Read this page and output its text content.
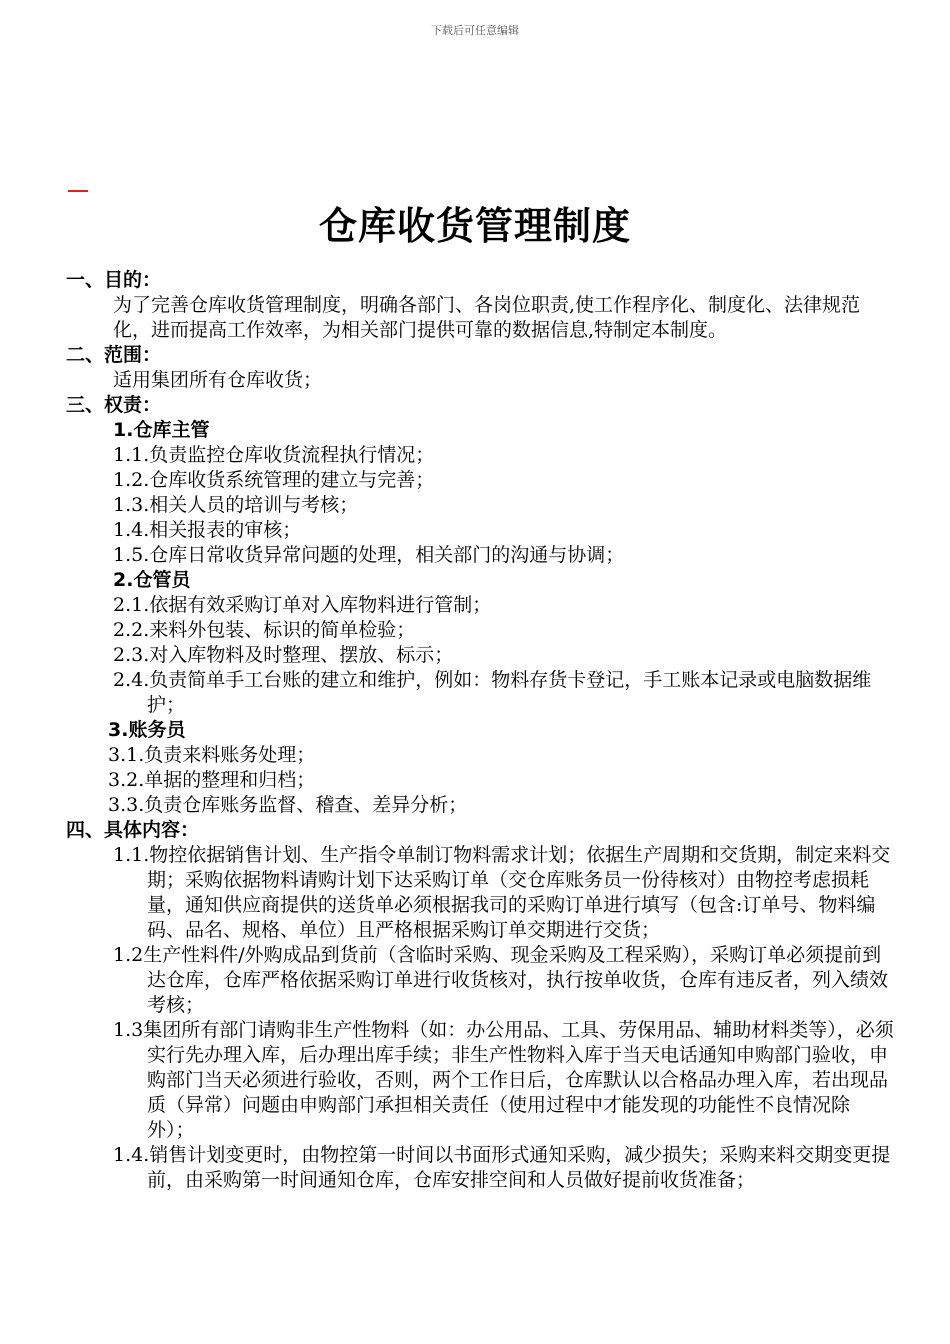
下载后可任意编辑
仓库收货管理制度
一、目的：
为了完善仓库收货管理制度，明确各部门、各岗位职责,使工作程序化、制度化、法律规范化，进而提高工作效率，为相关部门提供可靠的数据信息,特制定本制度。
二、范围：
适用集团所有仓库收货；
三、权责：
1.仓库主管
1.1.负责监控仓库收货流程执行情况；
1.2.仓库收货系统管理的建立与完善；
1.3.相关人员的培训与考核；
1.4.相关报表的审核；
1.5.仓库日常收货异常问题的处理，相关部门的沟通与协调；
2.仓管员
2.1.依据有效采购订单对入库物料进行管制；
2.2.来料外包装、标识的简单检验；
2.3.对入库物料及时整理、摆放、标示；
2.4.负责简单手工台账的建立和维护，例如：物料存货卡登记，手工账本记录或电脑数据维护；
3.账务员
3.1.负责来料账务处理；
3.2.单据的整理和归档；
3.3.负责仓库账务监督、稽查、差异分析；
四、具体内容：
1.1.物控依据销售计划、生产指令单制订物料需求计划；依据生产周期和交货期，制定来料交期；采购依据物料请购计划下达采购订单（交仓库账务员一份待核对）由物控考虑损耗量，通知供应商提供的送货单必须根据我司的采购订单进行填写（包含:订单号、物料编码、品名、规格、单位）且严格根据采购订单交期进行交货；
1.2生产性料件/外购成品到货前（含临时采购、现金采购及工程采购），采购订单必须提前到达仓库，仓库严格依据采购订单进行收货核对，执行按单收货，仓库有违反者，列入绩效考核；
1.3集团所有部门请购非生产性物料（如：办公用品、工具、劳保用品、辅助材料类等），必须实行先办理入库，后办理出库手续；非生产性物料入库于当天电话通知申购部门验收，申购部门当天必须进行验收，否则，两个工作日后，仓库默认以合格品办理入库，若出现品质（异常）问题由申购部门承担相关责任（使用过程中才能发现的功能性不良情况除外）；
1.4.销售计划变更时，由物控第一时间以书面形式通知采购，减少损失；采购来料交期变更提前，由采购第一时间通知仓库，仓库安排空间和人员做好提前收货准备；
